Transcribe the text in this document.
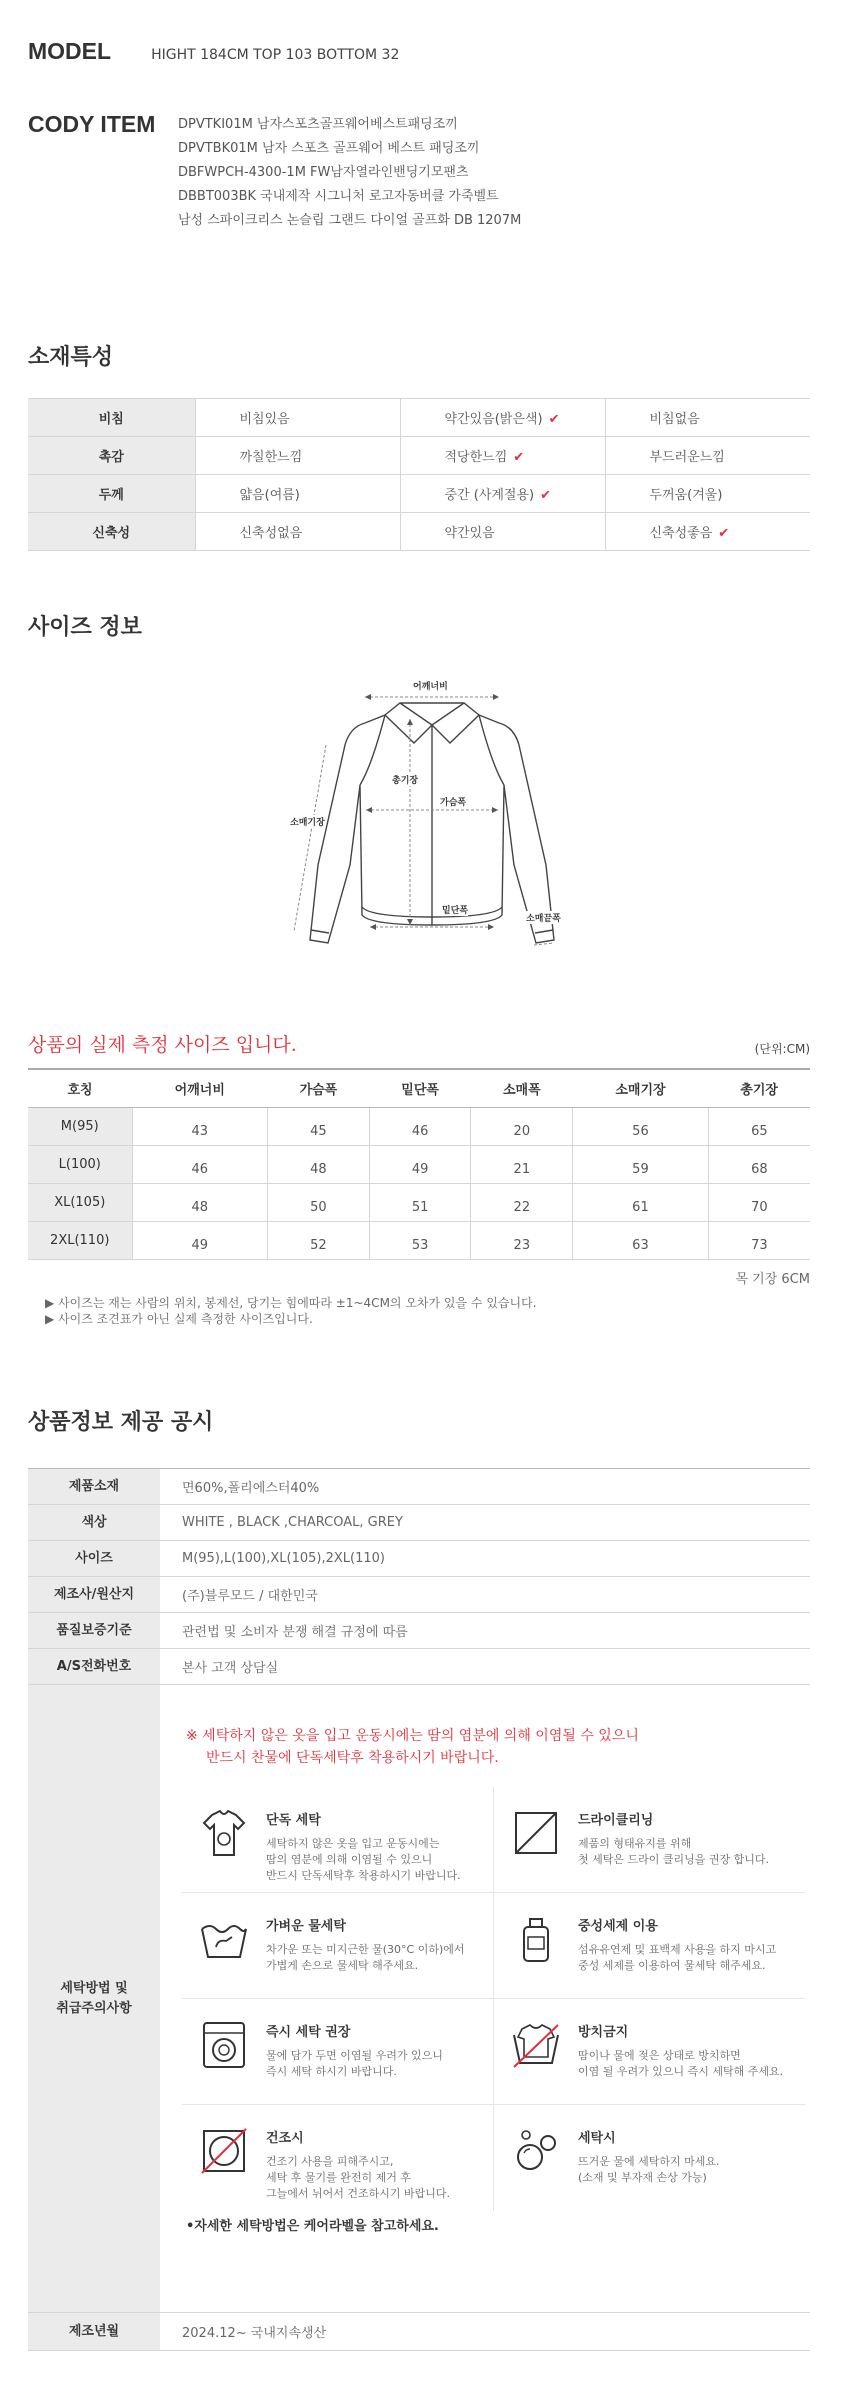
MODEL	HIGHT 184CM TOP 103 BOTTOM 32
CODY ITEM DPVTKI01M 남자스포츠골프웨어베스트패딩조끼
DPVTBK01M 남자 스포츠 골프웨어 베스트 패딩조끼
DBFWPCH-4300-1M FW남자열라인밴딩기모팬츠
DBBT003BK 국내제작 시그니처 로고자동버클 가죽벨트
남성 스파이크리스 논슬립 그랜드 다이얼 골프화 DB 1207M
소재특성
비침	비침있음	약간있음(밝은색) ✔	비침없음
촉감	까칠한느낌	적당한느낌 ✔	부드러운느낌
두께	얇음(여름)	중간 (사계절용) ✔	두꺼움(겨울)
신축성	신축성없음	약간있음	신축성좋음 ✔
사이즈 정보
어깨너비
총기장
가슴폭
소매기장
밑단폭
소매끝폭
상품의 실제 측정 사이즈 입니다.	(단위:CM)
호칭	어깨너비	가슴폭	밑단폭	소매폭	소매기장	총기장
M(95)	43	45	46	20	56	65
L(100)	46	48	49	21	59	68
XL(105)	48	50	51	22	61	70
2XL(110)	49	52	53	23	63	73
목 기장 6CM
▶ 사이즈는 재는 사람의 위치, 봉제선, 당기는 힘에따라 ±1~4CM의 오차가 있을 수 있습니다.
▶ 사이즈 조견표가 아닌 실제 측정한 사이즈입니다.
상품정보 제공 공시
제품소재	면60%,폴리에스터40%
색상	WHITE , BLACK ,CHARCOAL, GREY
사이즈	M(95),L(100),XL(105),2XL(110)
제조사/원산지	(주)블루모드 / 대한민국
품질보증기준	관련법 및 소비자 분쟁 해결 규정에 따름
A/S전화번호	본사 고객 상담실
세탁방법 및
취급주의사항
※ 세탁하지 않은 옷을 입고 운동시에는 땀의 염분에 의해 이염될 수 있으니
반드시 찬물에 단독세탁후 착용하시기 바랍니다.
단독 세탁
세탁하지 않은 옷을 입고 운동시에는
땀의 염분에 의해 이염될 수 있으니
반드시 단독세탁후 착용하시기 바랍니다.
드라이클리닝
제품의 형태유지를 위해
첫 세탁은 드라이 클리닝을 권장 합니다.
가벼운 물세탁
차가운 또는 미지근한 물(30°C 이하)에서
가볍게 손으로 물세탁 해주세요.
중성세제 이용
섬유유연제 및 표백제 사용을 하지 마시고
중성 세제를 이용하여 물세탁 해주세요.
즉시 세탁 권장
물에 담가 두면 이염될 우려가 있으니
즉시 세탁 하시기 바랍니다.
방치금지
땀이나 물에 젖은 상태로 방치하면
이염 될 우려가 있으니 즉시 세탁해 주세요.
건조시
건조기 사용을 피해주시고,
세탁 후 물기를 완전히 제거 후
그늘에서 뉘어서 건조하시기 바랍니다.
세탁시
뜨거운 물에 세탁하지 마세요.
(소재 및 부자재 손상 가능)
•자세한 세탁방법은 케어라벨을 참고하세요.
제조년월	2024.12~ 국내지속생산
